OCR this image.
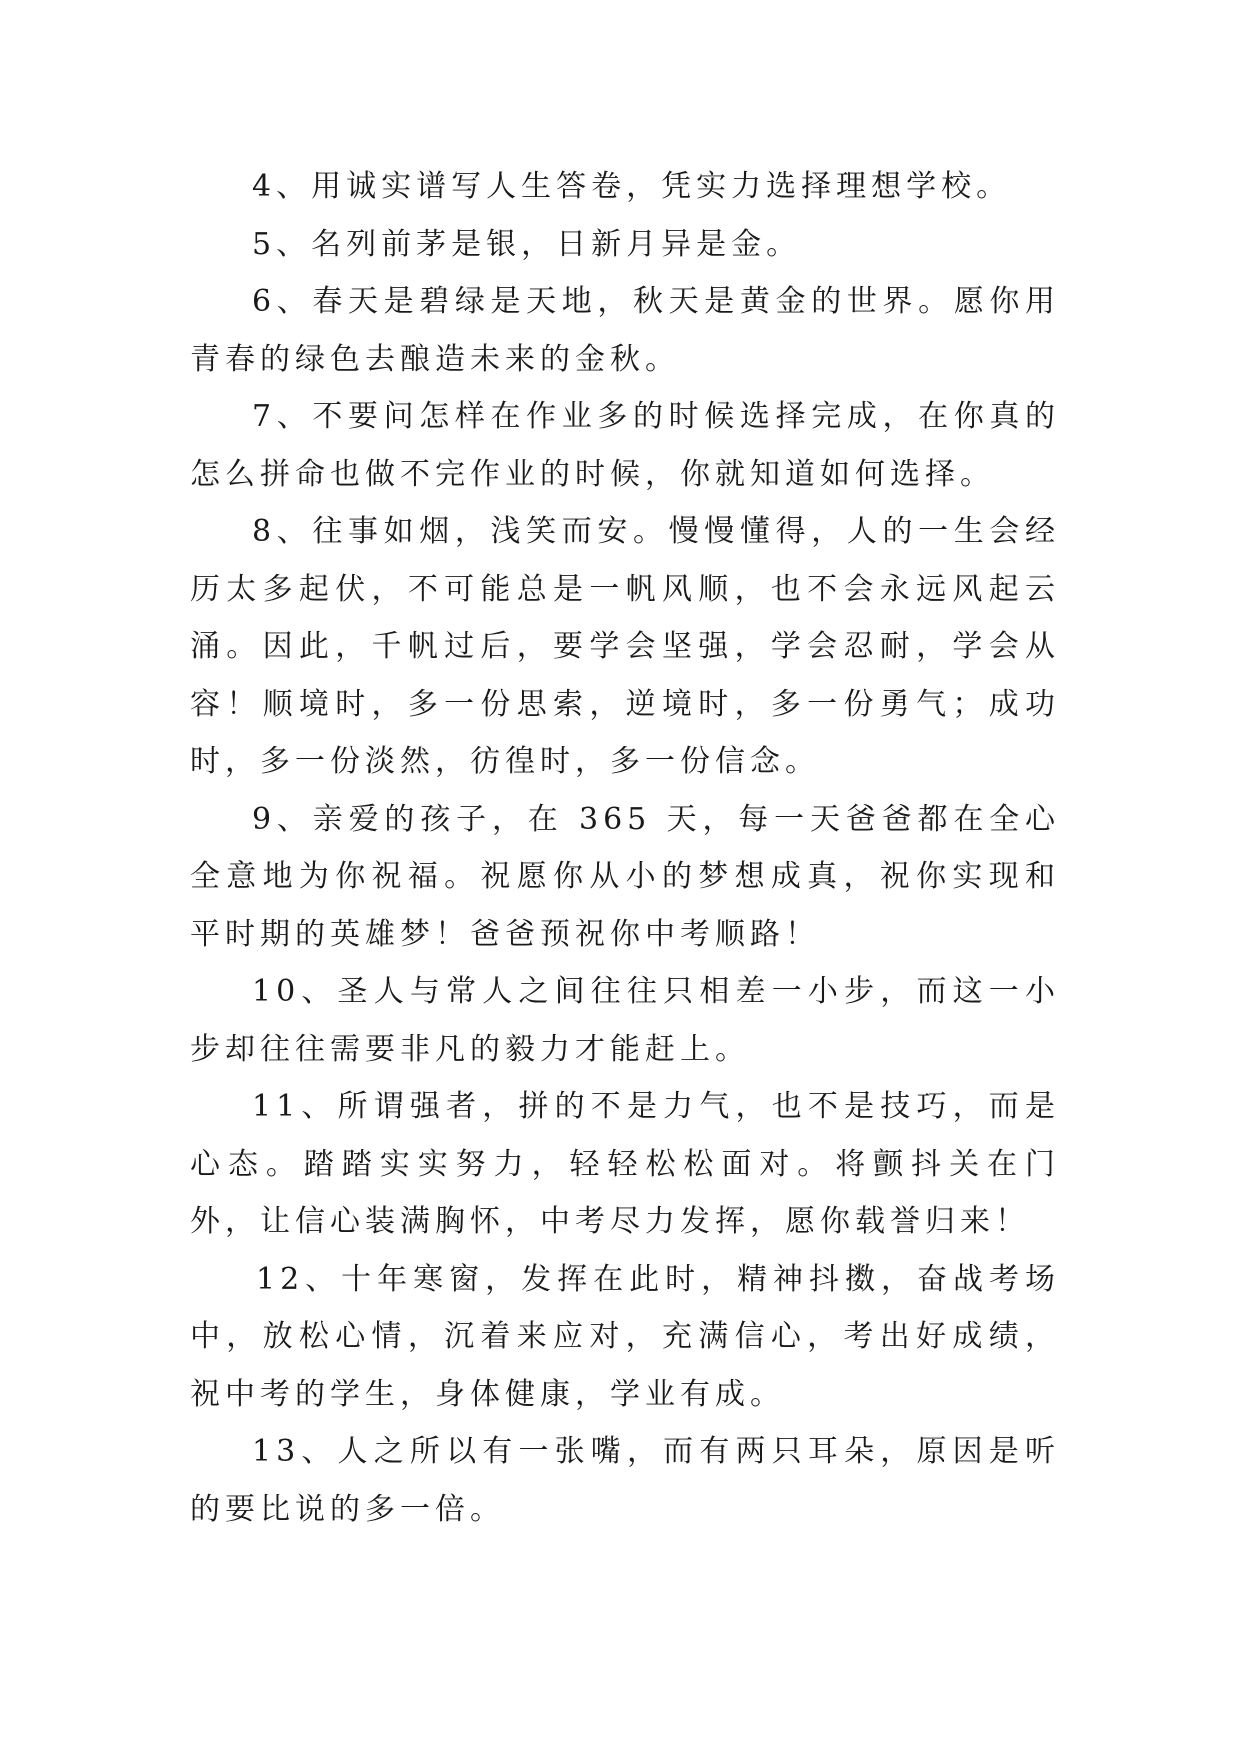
4、用诚实谱写人生答卷，凭实力选择理想学校。

5、名列前茅是银，日新月异是金。

6、春天是碧绿是天地，秋天是黄金的世界。愿你用青春的绿色去酿造未来的金秋。

7、不要问怎样在作业多的时候选择完成，在你真的怎么拼命也做不完作业的时候，你就知道如何选择。

8、往事如烟，浅笑而安。慢慢懂得，人的一生会经历太多起伏，不可能总是一帆风顺，也不会永远风起云涌。因此，千帆过后，要学会坚强，学会忍耐，学会从容！顺境时，多一份思索，逆境时，多一份勇气；成功时，多一份淡然，彷徨时，多一份信念。

9、亲爱的孩子，在 365 天，每一天爸爸都在全心全意地为你祝福。祝愿你从小的梦想成真，祝你实现和平时期的英雄梦！爸爸预祝你中考顺路！

10、圣人与常人之间往往只相差一小步，而这一小步却往往需要非凡的毅力才能赶上。

11、所谓强者，拼的不是力气，也不是技巧，而是心态。踏踏实实努力，轻轻松松面对。将颤抖关在门外，让信心装满胸怀，中考尽力发挥，愿你载誉归来！

12、十年寒窗，发挥在此时，精神抖擞，奋战考场中，放松心情，沉着来应对，充满信心，考出好成绩，祝中考的学生，身体健康，学业有成。

13、人之所以有一张嘴，而有两只耳朵，原因是听的要比说的多一倍。
